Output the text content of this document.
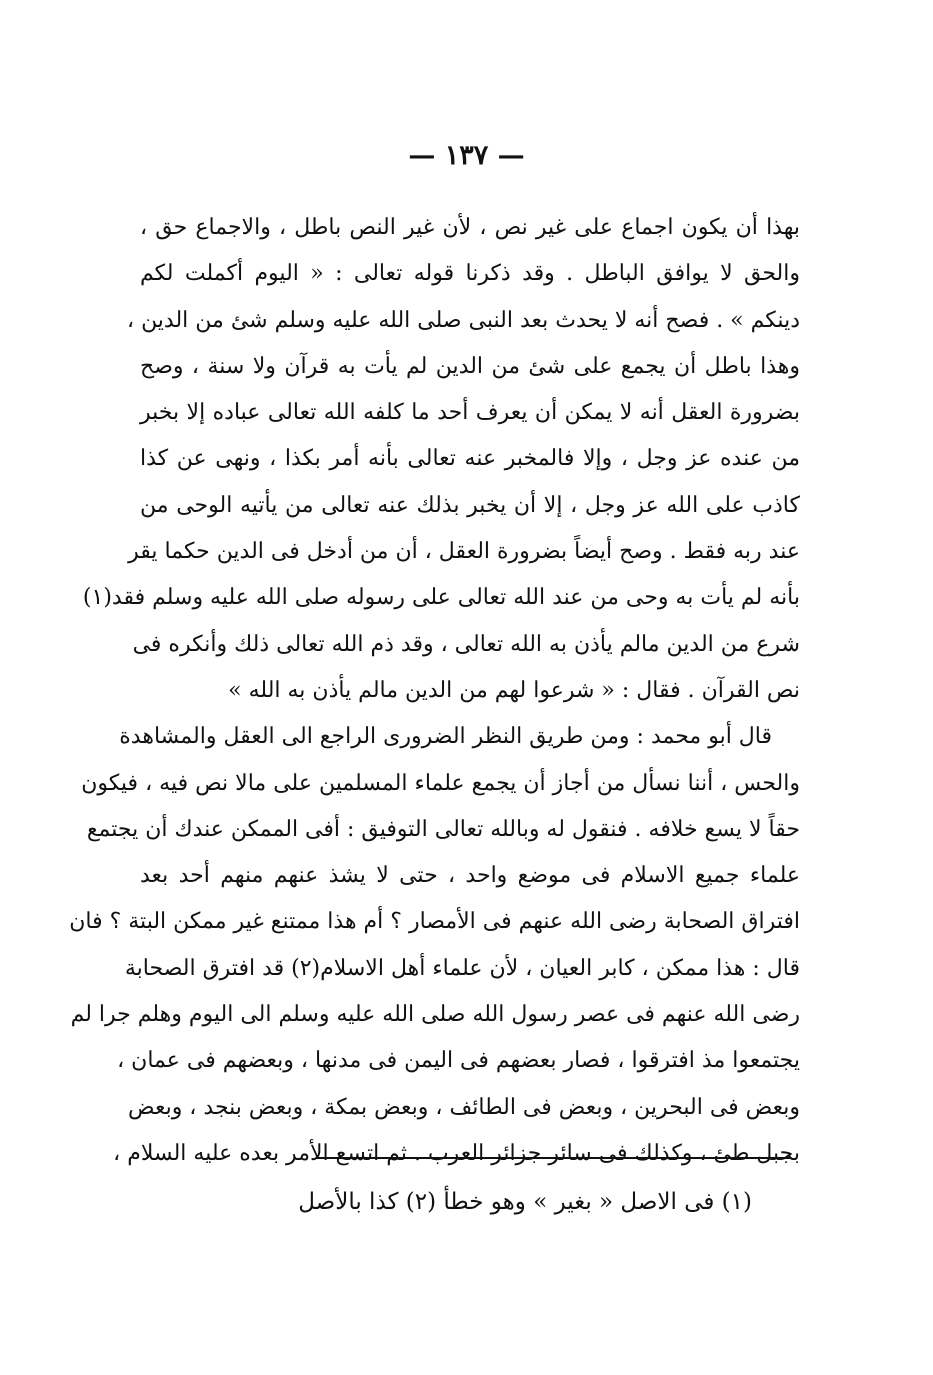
— ١٣٧ —
بهذا أن يكون اجماع على غير نص ، لأن غير النص باطل ، والاجماع حق ،
والحق لا يوافق الباطل . وقد ذكرنا قوله تعالى : « اليوم أكملت لكم
دينكم » . فصح أنه لا يحدث بعد النبى صلى الله عليه وسلم شئ من الدين ،
وهذا باطل أن يجمع على شئ من الدين لم يأت به قرآن ولا سنة ، وصح
بضرورة العقل أنه لا يمكن أن يعرف أحد ما كلفه الله تعالى عباده إلا بخبر
من عنده عز وجل ، وإلا فالمخبر عنه تعالى بأنه أمر بكذا ، ونهى عن كذا
كاذب على الله عز وجل ، إلا أن يخبر بذلك عنه تعالى من يأتيه الوحى من
عند ربه فقط . وصح أيضاً بضرورة العقل ، أن من أدخل فى الدين حكما يقر
بأنه لم يأت به وحى من عند الله تعالى على رسوله صلى الله عليه وسلم فقد(١)
شرع من الدين مالم يأذن به الله تعالى ، وقد ذم الله تعالى ذلك وأنكره فى
نص القرآن . فقال : « شرعوا لهم من الدين مالم يأذن به الله »
قال أبو محمد : ومن طريق النظر الضرورى الراجع الى العقل والمشاهدة
والحس ، أننا نسأل من أجاز أن يجمع علماء المسلمين على مالا نص فيه ، فيكون
حقاً لا يسع خلافه . فنقول له وبالله تعالى التوفيق : أفى الممكن عندك أن يجتمع
علماء جميع الاسلام فى موضع واحد ، حتى لا يشذ عنهم منهم أحد بعد
افتراق الصحابة رضى الله عنهم فى الأمصار ؟ أم هذا ممتنع غير ممكن البتة ؟ فان
قال : هذا ممكن ، كابر العيان ، لأن علماء أهل الاسلام(٢) قد افترق الصحابة
رضى الله عنهم فى عصر رسول الله صلى الله عليه وسلم الى اليوم وهلم جرا لم
يجتمعوا مذ افترقوا ، فصار بعضهم فى اليمن فى مدنها ، وبعضهم فى عمان ،
وبعض فى البحرين ، وبعض فى الطائف ، وبعض بمكة ، وبعض بنجد ، وبعض
بجبل طئ ، وكذلك فى سائر جزائر العرب . ثم اتسع الأمر بعده عليه السلام ،
(١) فى الاصل « بغير » وهو خطأ (٢) كذا بالأصل
